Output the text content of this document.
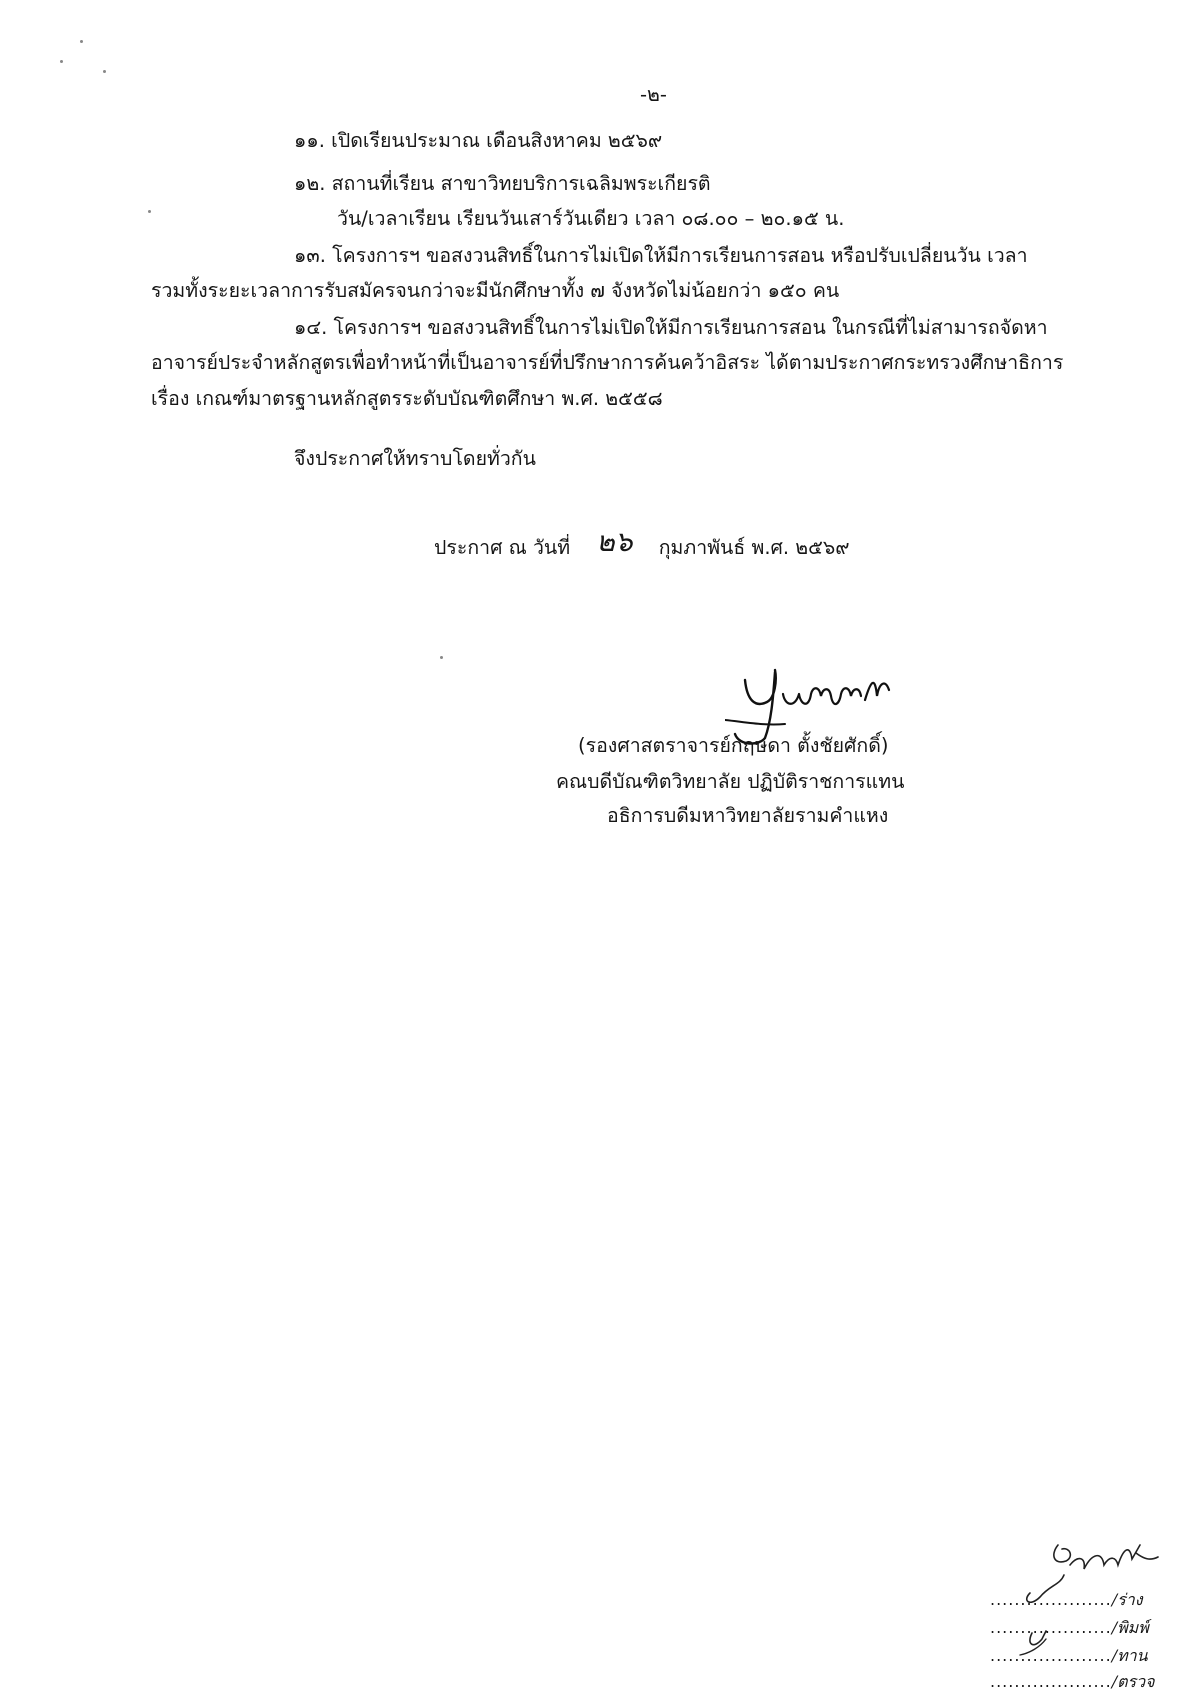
-๒-
๑๑. เปิดเรียนประมาณ เดือนสิงหาคม ๒๕๖๙
๑๒. สถานที่เรียน สาขาวิทยบริการเฉลิมพระเกียรติ
วัน/เวลาเรียน เรียนวันเสาร์วันเดียว เวลา ๐๘.๐๐ – ๒๐.๑๕ น.
๑๓. โครงการฯ ขอสงวนสิทธิ์ในการไม่เปิดให้มีการเรียนการสอน หรือปรับเปลี่ยนวัน เวลา
รวมทั้งระยะเวลาการรับสมัครจนกว่าจะมีนักศึกษาทั้ง ๗ จังหวัดไม่น้อยกว่า ๑๕๐ คน
๑๔. โครงการฯ ขอสงวนสิทธิ์ในการไม่เปิดให้มีการเรียนการสอน ในกรณีที่ไม่สามารถจัดหา
อาจารย์ประจำหลักสูตรเพื่อทำหน้าที่เป็นอาจารย์ที่ปรึกษาการค้นคว้าอิสระ ได้ตามประกาศกระทรวงศึกษาธิการ
เรื่อง เกณฑ์มาตรฐานหลักสูตรระดับบัณฑิตศึกษา พ.ศ. ๒๕๕๘
จึงประกาศให้ทราบโดยทั่วกัน
ประกาศ ณ วันที่ ๒๖ กุมภาพันธ์ พ.ศ. ๒๕๖๙
(รองศาสตราจารย์กฤษดา ตั้งชัยศักดิ์)
คณบดีบัณฑิตวิทยาลัย ปฏิบัติราชการแทน
อธิการบดีมหาวิทยาลัยรามคำแหง
..................../ร่าง
..................../พิมพ์
..................../ทาน
..................../ตรวจ
